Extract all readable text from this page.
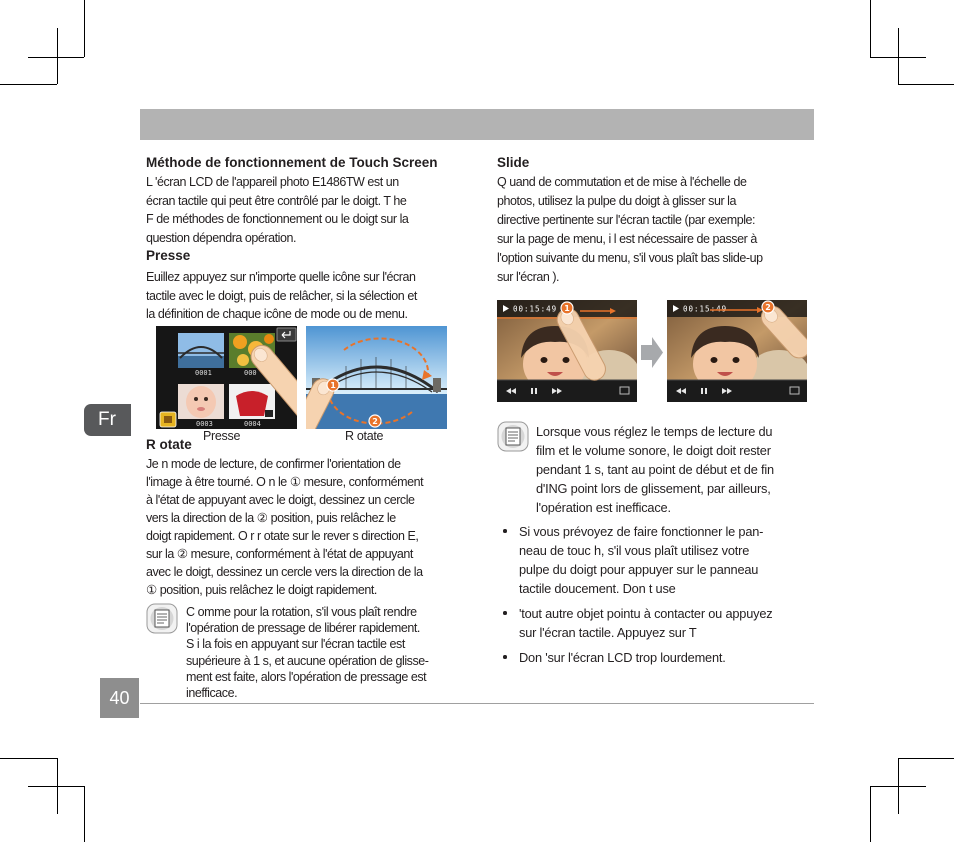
Fr
40
Méthode de fonctionnement de Touch Screen
L 'écran LCD de l'appareil photo E1486TW est un
écran tactile qui peut être contrôlé par le doigt. T he
F de méthodes de fonctionnement ou le doigt sur la
question dépendra opération.
Presse
Euillez appuyez sur n'importe quelle icône sur l'écran
tactile avec le doigt, puis de relâcher, si la sélection et
la définition de chaque icône de mode ou de menu.
0001	000
0003	0004
1
2
Presse	R otate
R otate
Je n mode de lecture, de confirmer l'orientation de
l'image à être tourné. O n le ① mesure, conformément
à l'état de appuyant avec le doigt, dessinez un cercle
vers la direction de la ② position, puis relâchez le
doigt rapidement. O r r otate sur le rever s direction E,
sur la ② mesure, conformément à l'état de appuyant
avec le doigt, dessinez un cercle vers la direction de la
① position, puis relâchez le doigt rapidement.
C omme pour la rotation, s'il vous plaît rendre
l'opération de pressage de libérer rapidement.
S i la fois en appuyant sur l'écran tactile est
supérieure à 1 s, et aucune opération de glisse-
ment est faite, alors l'opération de pressage est
inefficace.
Slide
Q uand de commutation et de mise à l'échelle de
photos, utilisez la pulpe du doigt à glisser sur la
directive pertinente sur l'écran tactile (par exemple:
sur la page de menu, i l est nécessaire de passer à
l'option suivante du menu, s'il vous plaît bas slide-up
sur l'écran ).
00:15:49 1	00:15:49	2
Lorsque vous réglez le temps de lecture du
film et le volume sonore, le doigt doit rester
pendant 1 s, tant au point de début et de fin
d'ING point lors de glissement, par ailleurs,
l'opération est inefficace.
Si vous prévoyez de faire fonctionner le pan-
neau de touc h, s'il vous plaît utilisez votre
pulpe du doigt pour appuyer sur le panneau
tactile doucement. Don t use
'tout autre objet pointu à contacter ou appuyez
sur l'écran tactile. Appuyez sur T
Don 'sur l'écran LCD trop lourdement.
